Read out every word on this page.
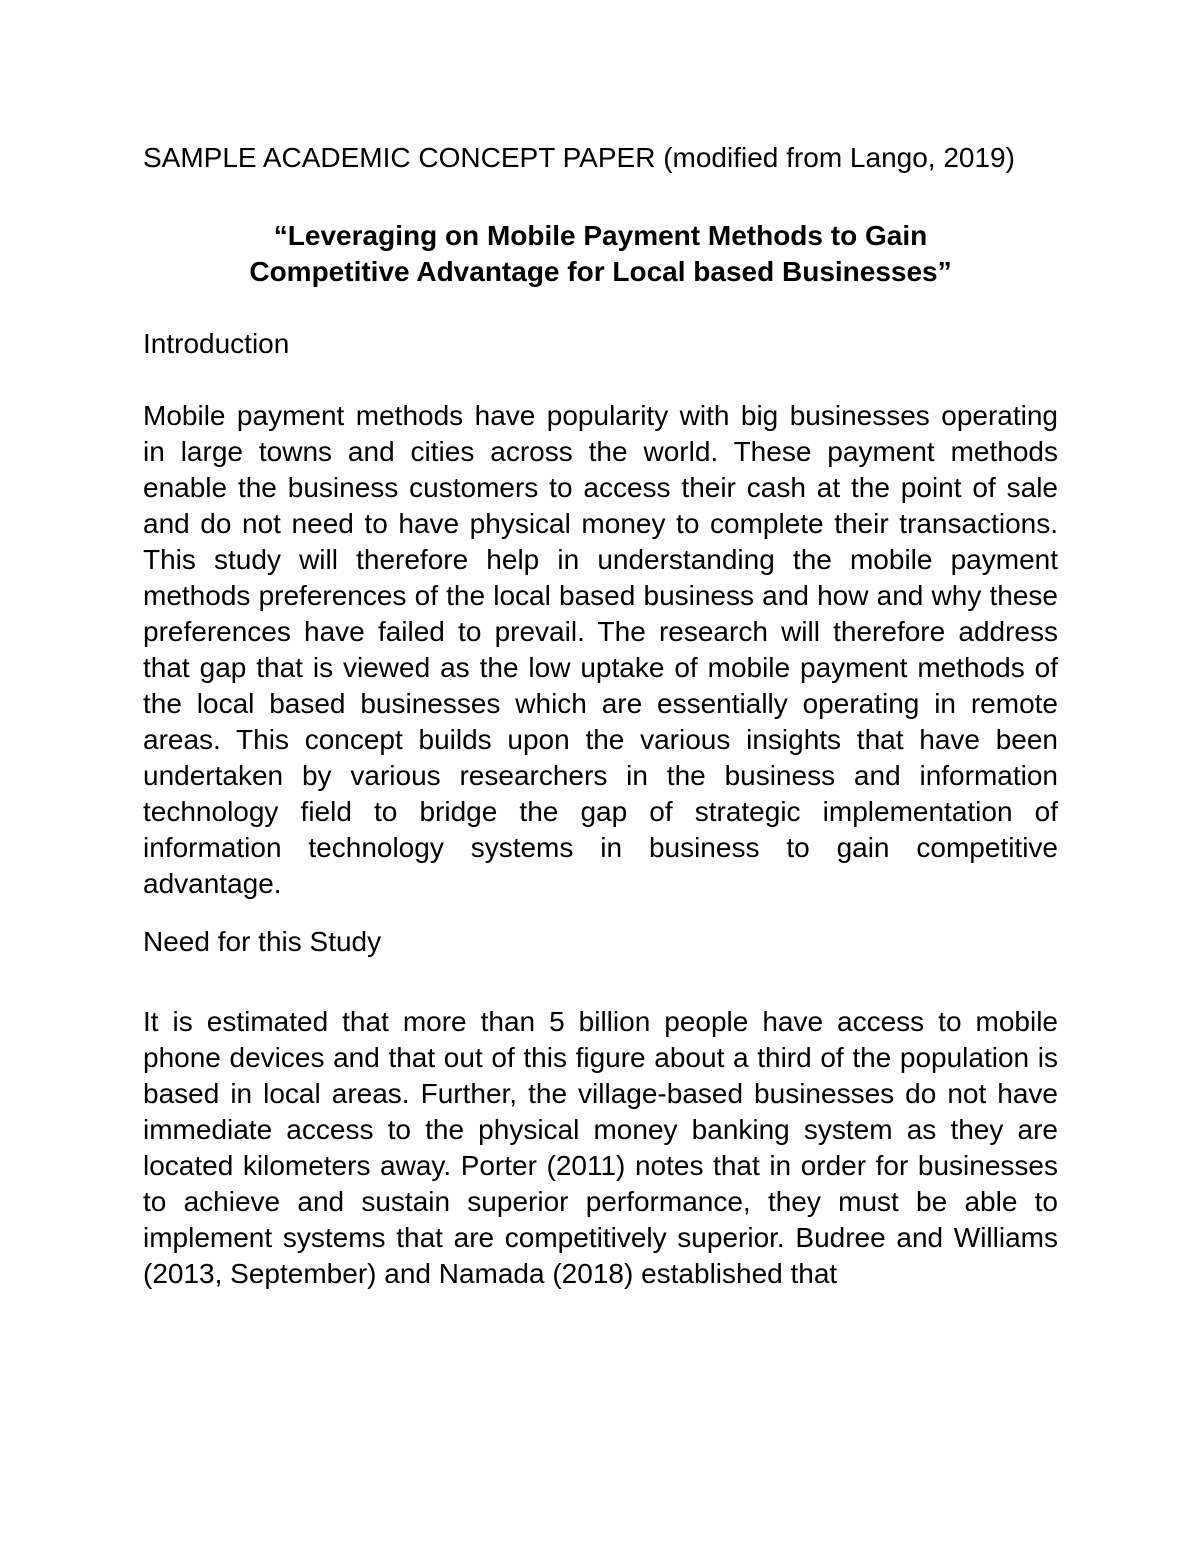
SAMPLE ACADEMIC CONCEPT PAPER (modified from Lango, 2019)

“Leveraging on Mobile Payment Methods to Gain
Competitive Advantage for Local based Businesses”

Introduction

Mobile payment methods have popularity with big businesses operating in large towns and cities across the world. These payment methods enable the business customers to access their cash at the point of sale and do not need to have physical money to complete their transactions. This study will therefore help in understanding the mobile payment methods preferences of the local based business and how and why these preferences have failed to prevail. The research will therefore address that gap that is viewed as the low uptake of mobile payment methods of the local based businesses which are essentially operating in remote areas. This concept builds upon the various insights that have been undertaken by various researchers in the business and information technology field to bridge the gap of strategic implementation of information technology systems in business to gain competitive advantage.

Need for this Study

It is estimated that more than 5 billion people have access to mobile phone devices and that out of this figure about a third of the population is based in local areas. Further, the village-based businesses do not have immediate access to the physical money banking system as they are located kilometers away. Porter (2011) notes that in order for businesses to achieve and sustain superior performance, they must be able to implement systems that are competitively superior. Budree and Williams (2013, September) and Namada (2018) established that
